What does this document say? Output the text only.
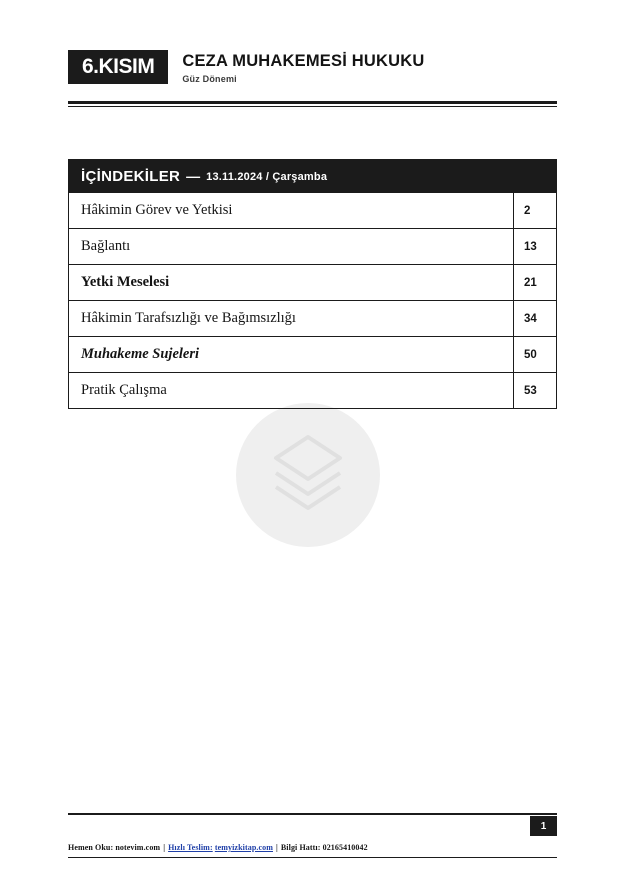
6.KISIM	CEZA MUHAKEMESİ HUKUKU
Güz Dönemi
İÇİNDEKİLER — 13.11.2024 / Çarşamba
Hâkimin Görev ve Yetkisi	2
Bağlantı	13
Yetki Meselesi	21
Hâkimin Tarafsızlığı ve Bağımsızlığı	34
Muhakeme Sujeleri	50
Pratik Çalışma	53
1
Hemen Oku: notevim.com | Hızlı Teslim: temyizkitap.com | Bilgi Hattı: 02165410042
